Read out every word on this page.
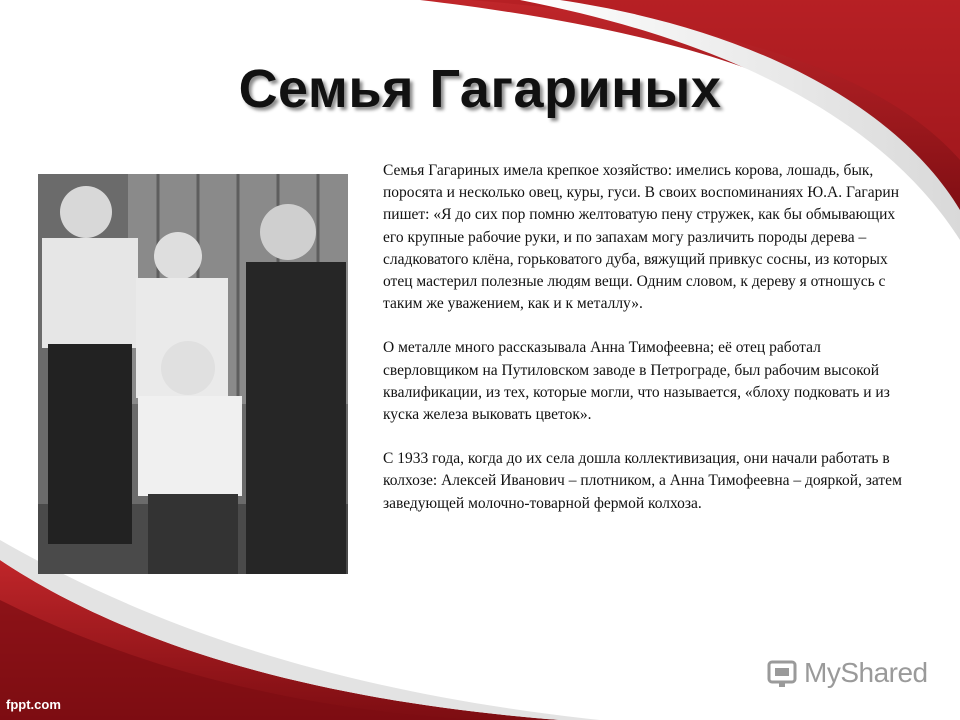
Семья Гагариных

Семья Гагариных имела крепкое хозяйство: имелись корова, лошадь, бык, поросята и несколько овец, куры, гуси. В своих воспоминаниях Ю.А. Гагарин пишет: «Я до сих пор помню желтоватую пену стружек, как бы обмывающих его крупные рабочие руки, и по запахам могу различить породы дерева – сладковатого клёна, горьковатого дуба, вяжущий привкус сосны, из которых отец мастерил полезные людям вещи. Одним словом, к дереву я отношусь с таким же уважением, как и к металлу».

О металле много рассказывала Анна Тимофеевна; её отец работал сверловщиком на Путиловском заводе в Петрограде, был рабочим высокой квалификации, из тех, которые могли, что называется, «блоху подковать и из куска железа выковать цветок».

С 1933 года, когда до их села дошла коллективизация, они начали работать в колхозе: Алексей Иванович – плотником, а Анна Тимофеевна – дояркой, затем заведующей молочно-товарной фермой колхоза.

fppt.com
MyShared
